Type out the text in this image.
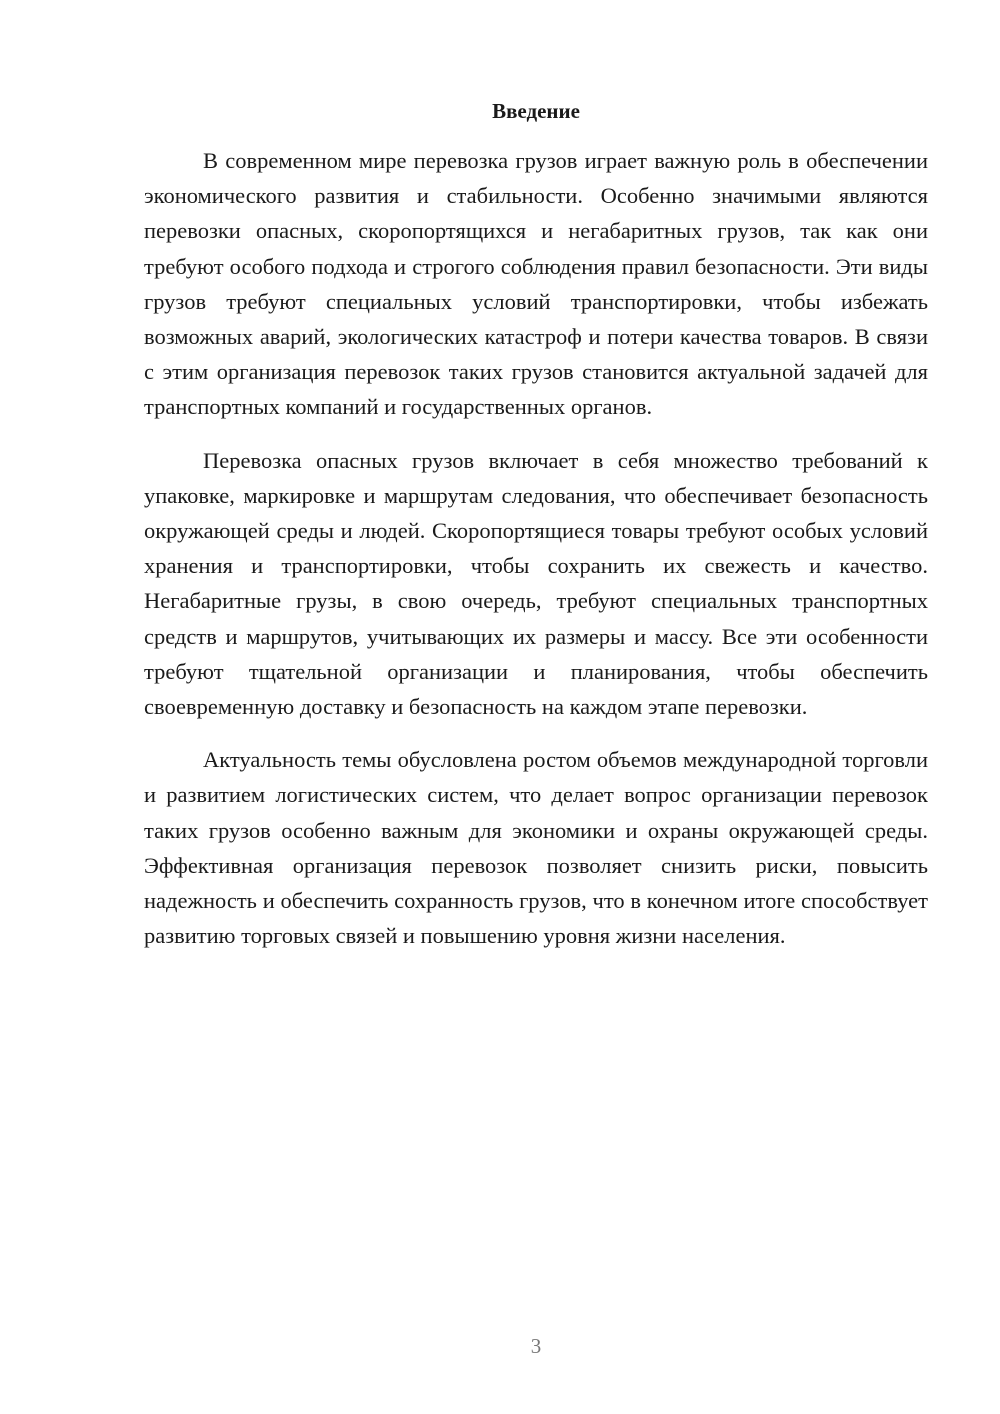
Введение

В современном мире перевозка грузов играет важную роль в обеспечении экономического развития и стабильности. Особенно значимыми являются перевозки опасных, скоропортящихся и негабаритных грузов, так как они требуют особого подхода и строгого соблюдения правил безопасности. Эти виды грузов требуют специальных условий транспортировки, чтобы избежать возможных аварий, экологических катастроф и потери качества товаров. В связи с этим организация перевозок таких грузов становится актуальной задачей для транспортных компаний и государственных органов.

Перевозка опасных грузов включает в себя множество требований к упаковке, маркировке и маршрутам следования, что обеспечивает безопасность окружающей среды и людей. Скоропортящиеся товары требуют особых условий хранения и транспортировки, чтобы сохранить их свежесть и качество. Негабаритные грузы, в свою очередь, требуют специальных транспортных средств и маршрутов, учитывающих их размеры и массу. Все эти особенности требуют тщательной организации и планирования, чтобы обеспечить своевременную доставку и безопасность на каждом этапе перевозки.

Актуальность темы обусловлена ростом объемов международной торговли и развитием логистических систем, что делает вопрос организации перевозок таких грузов особенно важным для экономики и охраны окружающей среды. Эффективная организация перевозок позволяет снизить риски, повысить надежность и обеспечить сохранность грузов, что в конечном итоге способствует развитию торговых связей и повышению уровня жизни населения.

3
